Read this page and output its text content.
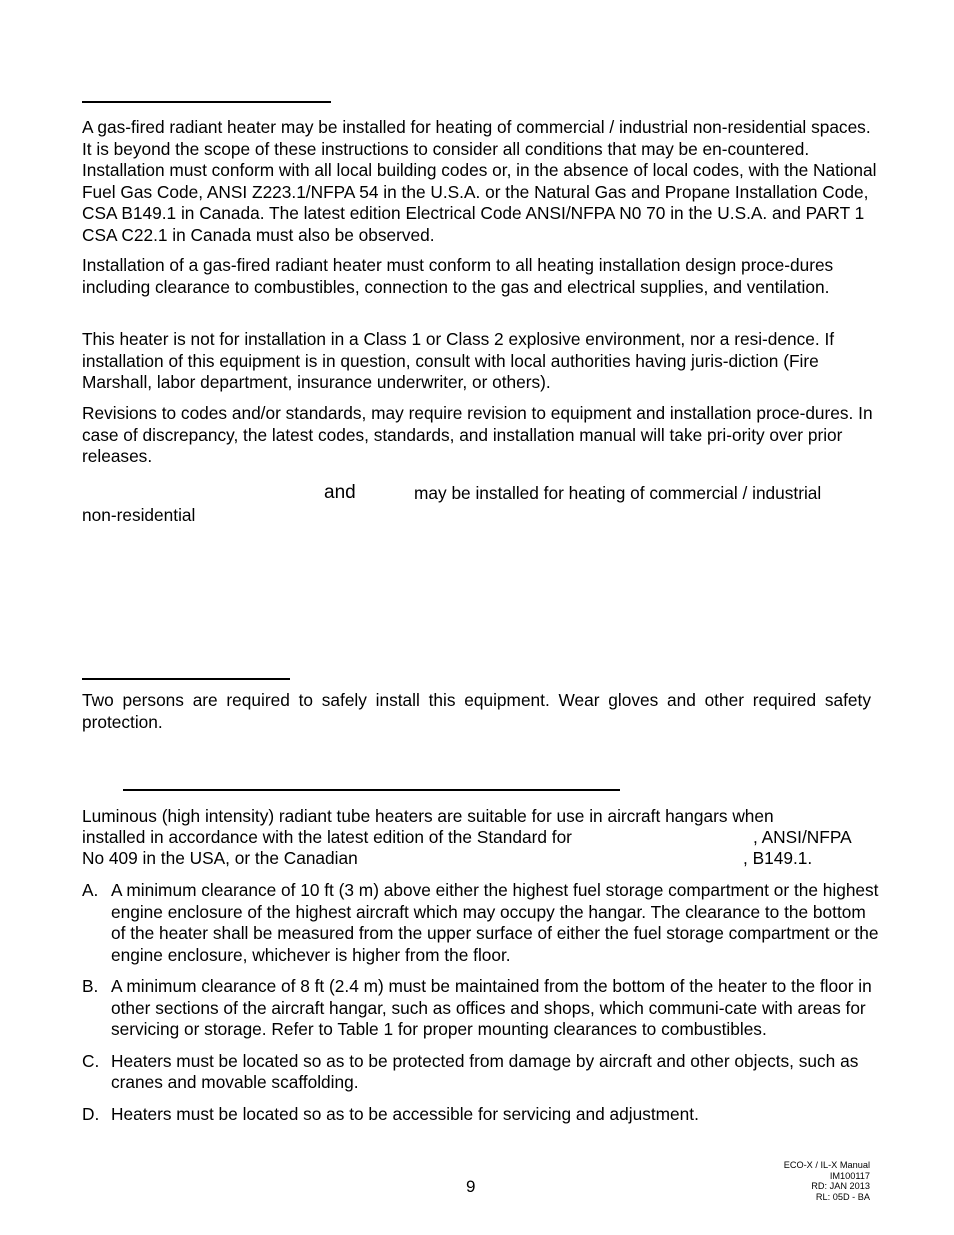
A gas-fired radiant heater may be installed for heating of commercial / industrial non-residential spaces. It is beyond the scope of these instructions to consider all conditions that may be en-countered. Installation must conform with all local building codes or, in the absence of local codes, with the National Fuel Gas Code, ANSI Z223.1/NFPA 54 in the U.S.A. or the Natural Gas and Propane Installation Code, CSA B149.1 in Canada. The latest edition Electrical Code ANSI/NFPA N0 70 in the U.S.A. and PART 1 CSA C22.1 in Canada must also be observed.

Installation of a gas-fired radiant heater must conform to all heating installation design proce-dures including clearance to combustibles, connection to the gas and electrical supplies, and ventilation.

This heater is not for installation in a Class 1 or Class 2 explosive environment, nor a resi-dence. If installation of this equipment is in question, consult with local authorities having juris-diction (Fire Marshall, labor department, insurance underwriter, or others).

Revisions to codes and/or standards, may require revision to equipment and installation proce-dures. In case of discrepancy, the latest codes, standards, and installation manual will take pri-ority over prior releases.

and	may be installed for heating of commercial / industrial
non-residential

Two persons are required to safely install this equipment. Wear gloves and other required safety protection.

Luminous (high intensity) radiant tube heaters are suitable for use in aircraft hangars when
installed in accordance with the latest edition of the Standard for	, ANSI/NFPA
No 409 in the USA, or the Canadian	, B149.1.
A. A minimum clearance of 10 ft (3 m) above either the highest fuel storage compartment or the highest engine enclosure of the highest aircraft which may occupy the hangar. The clearance to the bottom of the heater shall be measured from the upper surface of either the fuel storage compartment or the engine enclosure, whichever is higher from the floor.
B. A minimum clearance of 8 ft (2.4 m) must be maintained from the bottom of the heater to the floor in other sections of the aircraft hangar, such as offices and shops, which communi-cate with areas for servicing or storage. Refer to Table 1 for proper mounting clearances to combustibles.
C. Heaters must be located so as to be protected from damage by aircraft and other objects, such as cranes and movable scaffolding.
D. Heaters must be located so as to be accessible for servicing and adjustment.
9
ECO-X / IL-X Manual
IM100117
RD: JAN 2013
RL: 05D - BA
